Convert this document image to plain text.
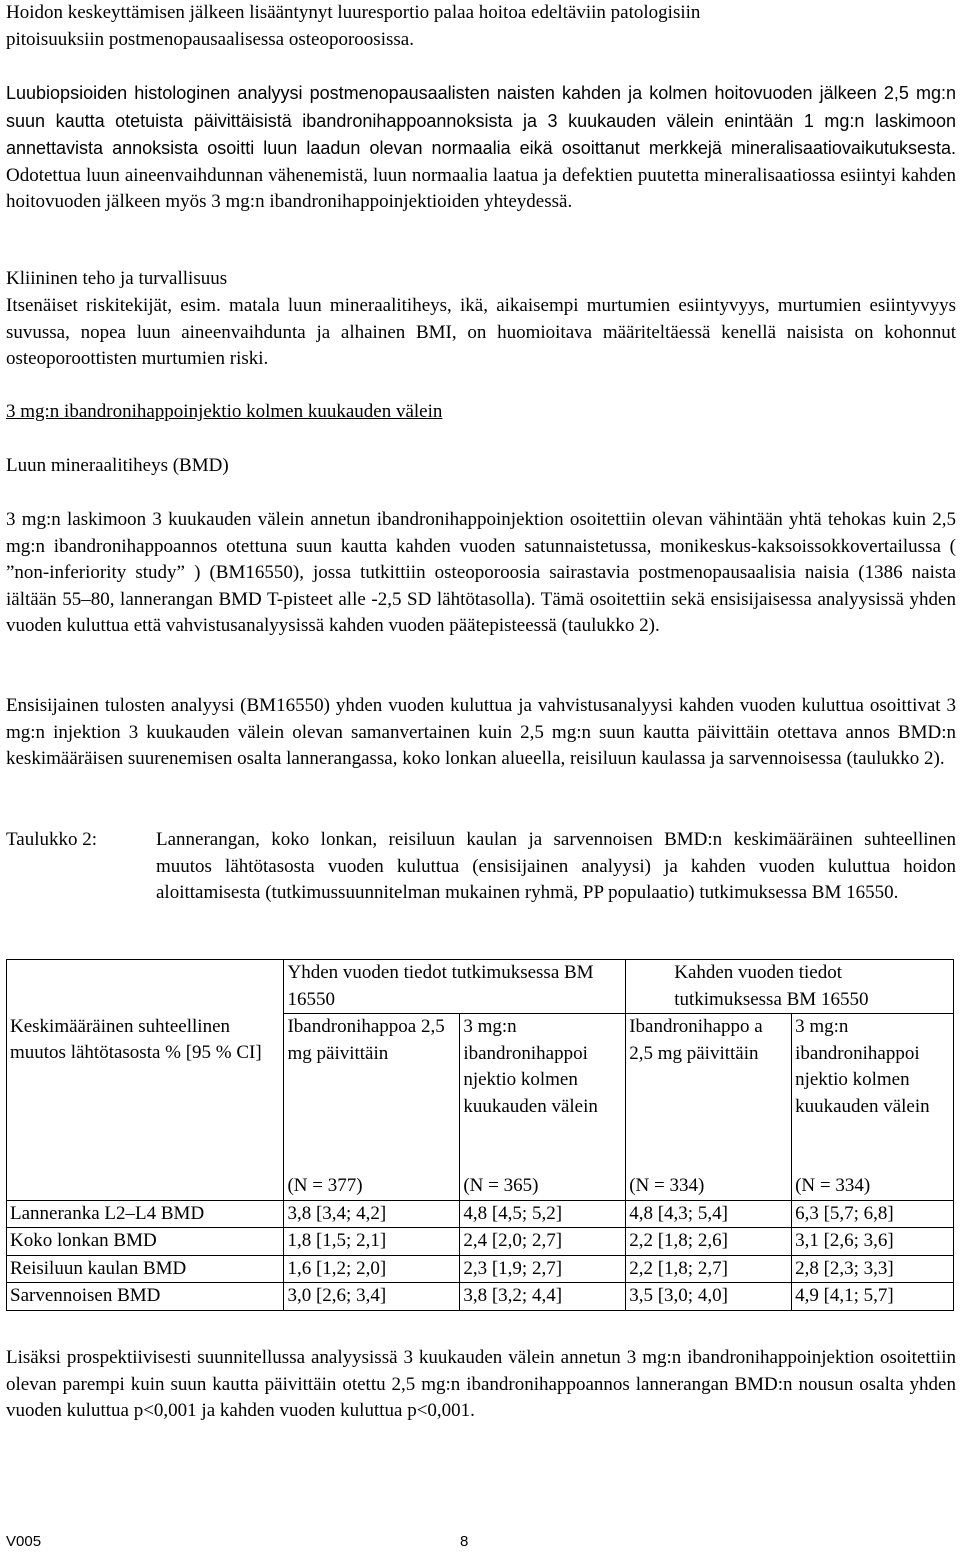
Hoidon keskeyttämisen jälkeen lisääntynyt luuresportio palaa hoitoa edeltäviin patologisiin
pitoisuuksiin postmenopausaalisessa osteoporoosissa.
Luubiopsioiden histologinen analyysi postmenopausaalisten naisten kahden ja kolmen hoitovuoden jälkeen 2,5 mg:n suun kautta otetuista päivittäisistä ibandronihappoannoksista ja 3 kuukauden välein enintään 1 mg:n laskimoon annettavista annoksista osoitti luun laadun olevan normaalia eikä osoittanut merkkejä mineralisaatiovaikutuksesta. Odotettua luun aineenvaihdunnan vähenemistä, luun normaalia laatua ja defektien puutetta mineralisaatiossa esiintyi kahden hoitovuoden jälkeen myös 3 mg:n ibandronihappoinjektioiden yhteydessä.
Kliininen teho ja turvallisuus
Itsenäiset riskitekijät, esim. matala luun mineraalitiheys, ikä, aikaisempi murtumien esiintyvyys, murtumien esiintyvyys suvussa, nopea luun aineenvaihdunta ja alhainen BMI, on huomioitava määriteltäessä kenellä naisista on kohonnut osteoporoottisten murtumien riski.
3 mg:n ibandronihappoinjektio kolmen kuukauden välein
Luun mineraalitiheys (BMD)
3 mg:n laskimoon 3 kuukauden välein annetun ibandronihappoinjektion osoitettiin olevan vähintään yhtä tehokas kuin 2,5 mg:n ibandronihappoannos otettuna suun kautta kahden vuoden satunnaistetussa, monikeskus-kaksoissokkovertailussa ( ”non-inferiority study” ) (BM16550), jossa tutkittiin osteoporoosia sairastavia postmenopausaalisia naisia (1386 naista iältään 55–80, lannerangan BMD T-pisteet alle -2,5 SD lähtötasolla). Tämä osoitettiin sekä ensisijaisessa analyysissä yhden vuoden kuluttua että vahvistusanalyysissä kahden vuoden päätepisteessä (taulukko 2).
Ensisijainen tulosten analyysi (BM16550) yhden vuoden kuluttua ja vahvistusanalyysi kahden vuoden kuluttua osoittivat 3 mg:n injektion 3 kuukauden välein olevan samanvertainen kuin 2,5 mg:n suun kautta päivittäin otettava annos BMD:n keskimääräisen suurenemisen osalta lannerangassa, koko lonkan alueella, reisiluun kaulassa ja sarvennoisessa (taulukko 2).
Taulukko 2:	Lannerangan, koko lonkan, reisiluun kaulan ja sarvennoisen BMD:n keskimääräinen suhteellinen muutos lähtötasosta vuoden kuluttua (ensisijainen analyysi) ja kahden vuoden kuluttua hoidon aloittamisesta (tutkimussuunnitelman mukainen ryhmä, PP populaatio) tutkimuksessa BM 16550.
	Yhden vuoden tiedot tutkimuksessa BM 16550		Kahden vuoden tiedot tutkimuksessa BM 16550	
Keskimääräinen suhteellinen muutos lähtötasosta % [95 % CI]	Ibandronihappoa 2,5 mg päivittäin	3 mg:n ibandronihappoi njektio kolmen kuukauden välein	Ibandronihappo a 2,5 mg päivittäin	3 mg:n ibandronihappoi njektio kolmen kuukauden välein
	(N = 377)	(N = 365)	(N = 334)	(N = 334)
Lanneranka L2–L4 BMD	3,8 [3,4; 4,2]	4,8 [4,5; 5,2]	4,8 [4,3; 5,4]	6,3 [5,7; 6,8]
Koko lonkan BMD	1,8 [1,5; 2,1]	2,4 [2,0; 2,7]	2,2 [1,8; 2,6]	3,1 [2,6; 3,6]
Reisiluun kaulan BMD	1,6 [1,2; 2,0]	2,3 [1,9; 2,7]	2,2 [1,8; 2,7]	2,8 [2,3; 3,3]
Sarvennoisen BMD	3,0 [2,6; 3,4]	3,8 [3,2; 4,4]	3,5 [3,0; 4,0]	4,9 [4,1; 5,7]
Lisäksi prospektiivisesti suunnitellussa analyysissä 3 kuukauden välein annetun 3 mg:n ibandronihappoinjektion osoitettiin olevan parempi kuin suun kautta päivittäin otettu 2,5 mg:n ibandronihappoannos lannerangan BMD:n nousun osalta yhden vuoden kuluttua p<0,001 ja kahden vuoden kuluttua p<0,001.
V005	8
